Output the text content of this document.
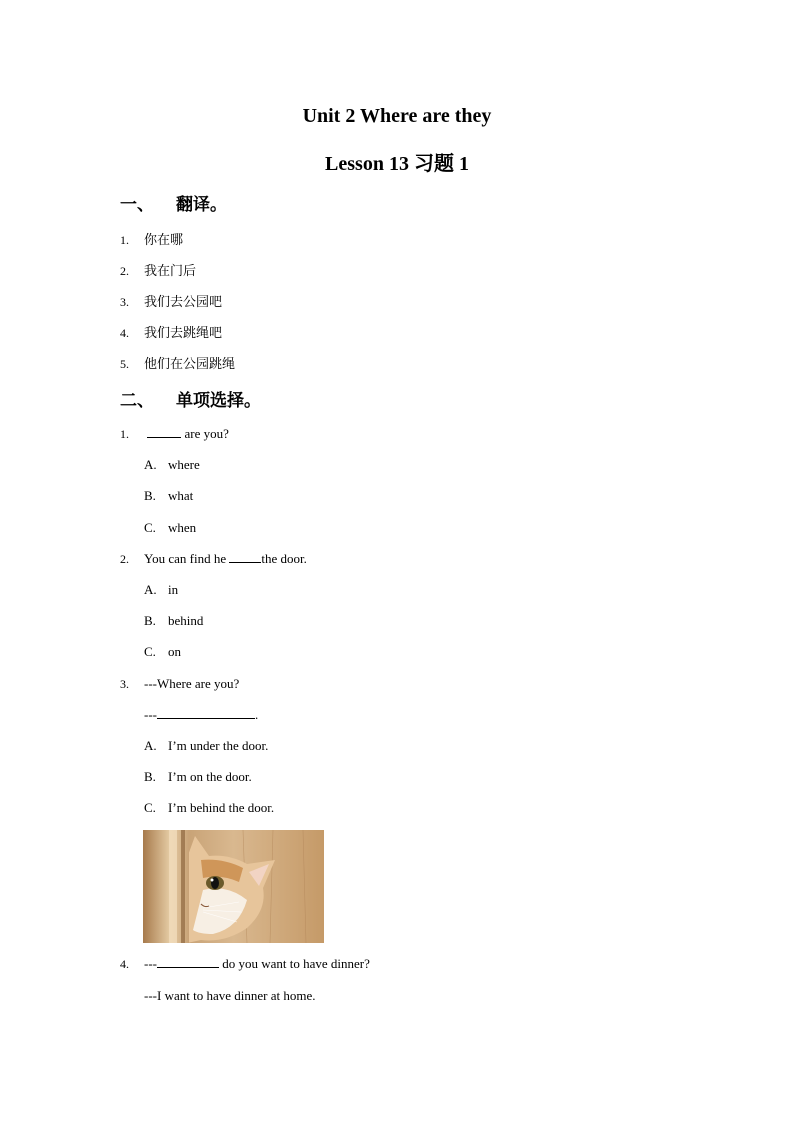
Unit 2 Where are they
Lesson 13 习题 1
一、 翻译。
1. 你在哪
2. 我在门后
3. 我们去公园吧
4. 我们去跳绳吧
5. 他们在公园跳绳
二、 单项选择。
1.	are you?
A. where
B. what
C. when
2. You can find he the door.
A. in
B. behind
C. on
3. ---Where are you?
---	.
A. I’m under the door.
B. I’m on the door.
C. I’m behind the door.
4. ---	do you want to have dinner?
---I want to have dinner at home.
